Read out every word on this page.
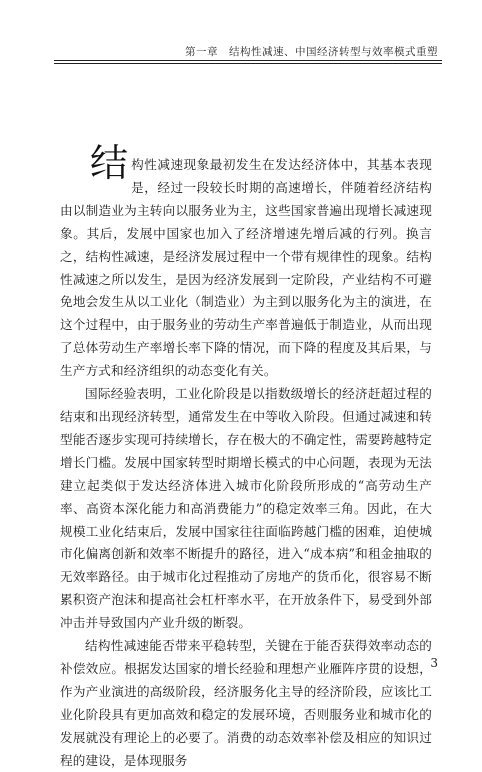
第一章　结构性减速、中国经济转型与效率模式重塑

结构性减速现象最初发生在发达经济体中，其基本表现是，经过一段较长时期的高速增长，伴随着经济结构由以制造业为主转向以服务业为主，这些国家普遍出现增长减速现象。其后，发展中国家也加入了经济增速先增后减的行列。换言之，结构性减速，是经济发展过程中一个带有规律性的现象。结构性减速之所以发生，是因为经济发展到一定阶段，产业结构不可避免地会发生从以工业化（制造业）为主到以服务化为主的演进，在这个过程中，由于服务业的劳动生产率普遍低于制造业，从而出现了总体劳动生产率增长率下降的情况，而下降的程度及其后果，与生产方式和经济组织的动态变化有关。

国际经验表明，工业化阶段是以指数级增长的经济赶超过程的结束和出现经济转型，通常发生在中等收入阶段。但通过减速和转型能否逐步实现可持续增长，存在极大的不确定性，需要跨越特定增长门槛。发展中国家转型时期增长模式的中心问题，表现为无法建立起类似于发达经济体进入城市化阶段所形成的“高劳动生产率、高资本深化能力和高消费能力”的稳定效率三角。因此，在大规模工业化结束后，发展中国家往往面临跨越门槛的困难，迫使城市化偏离创新和效率不断提升的路径，进入“成本病”和租金抽取的无效率路径。由于城市化过程推动了房地产的货币化，很容易不断累积资产泡沫和提高社会杠杆率水平，在开放条件下，易受到外部冲击并导致国内产业升级的断裂。

结构性减速能否带来平稳转型，关键在于能否获得效率动态的补偿效应。根据发达国家的增长经验和理想产业雁阵序贯的设想，作为产业演进的高级阶段，经济服务化主导的经济阶段，应该比工业化阶段具有更加高效和稳定的发展环境，否则服务业和城市化的发展就没有理论上的必要了。消费的动态效率补偿及相应的知识过程的建设，是体现服务

3
